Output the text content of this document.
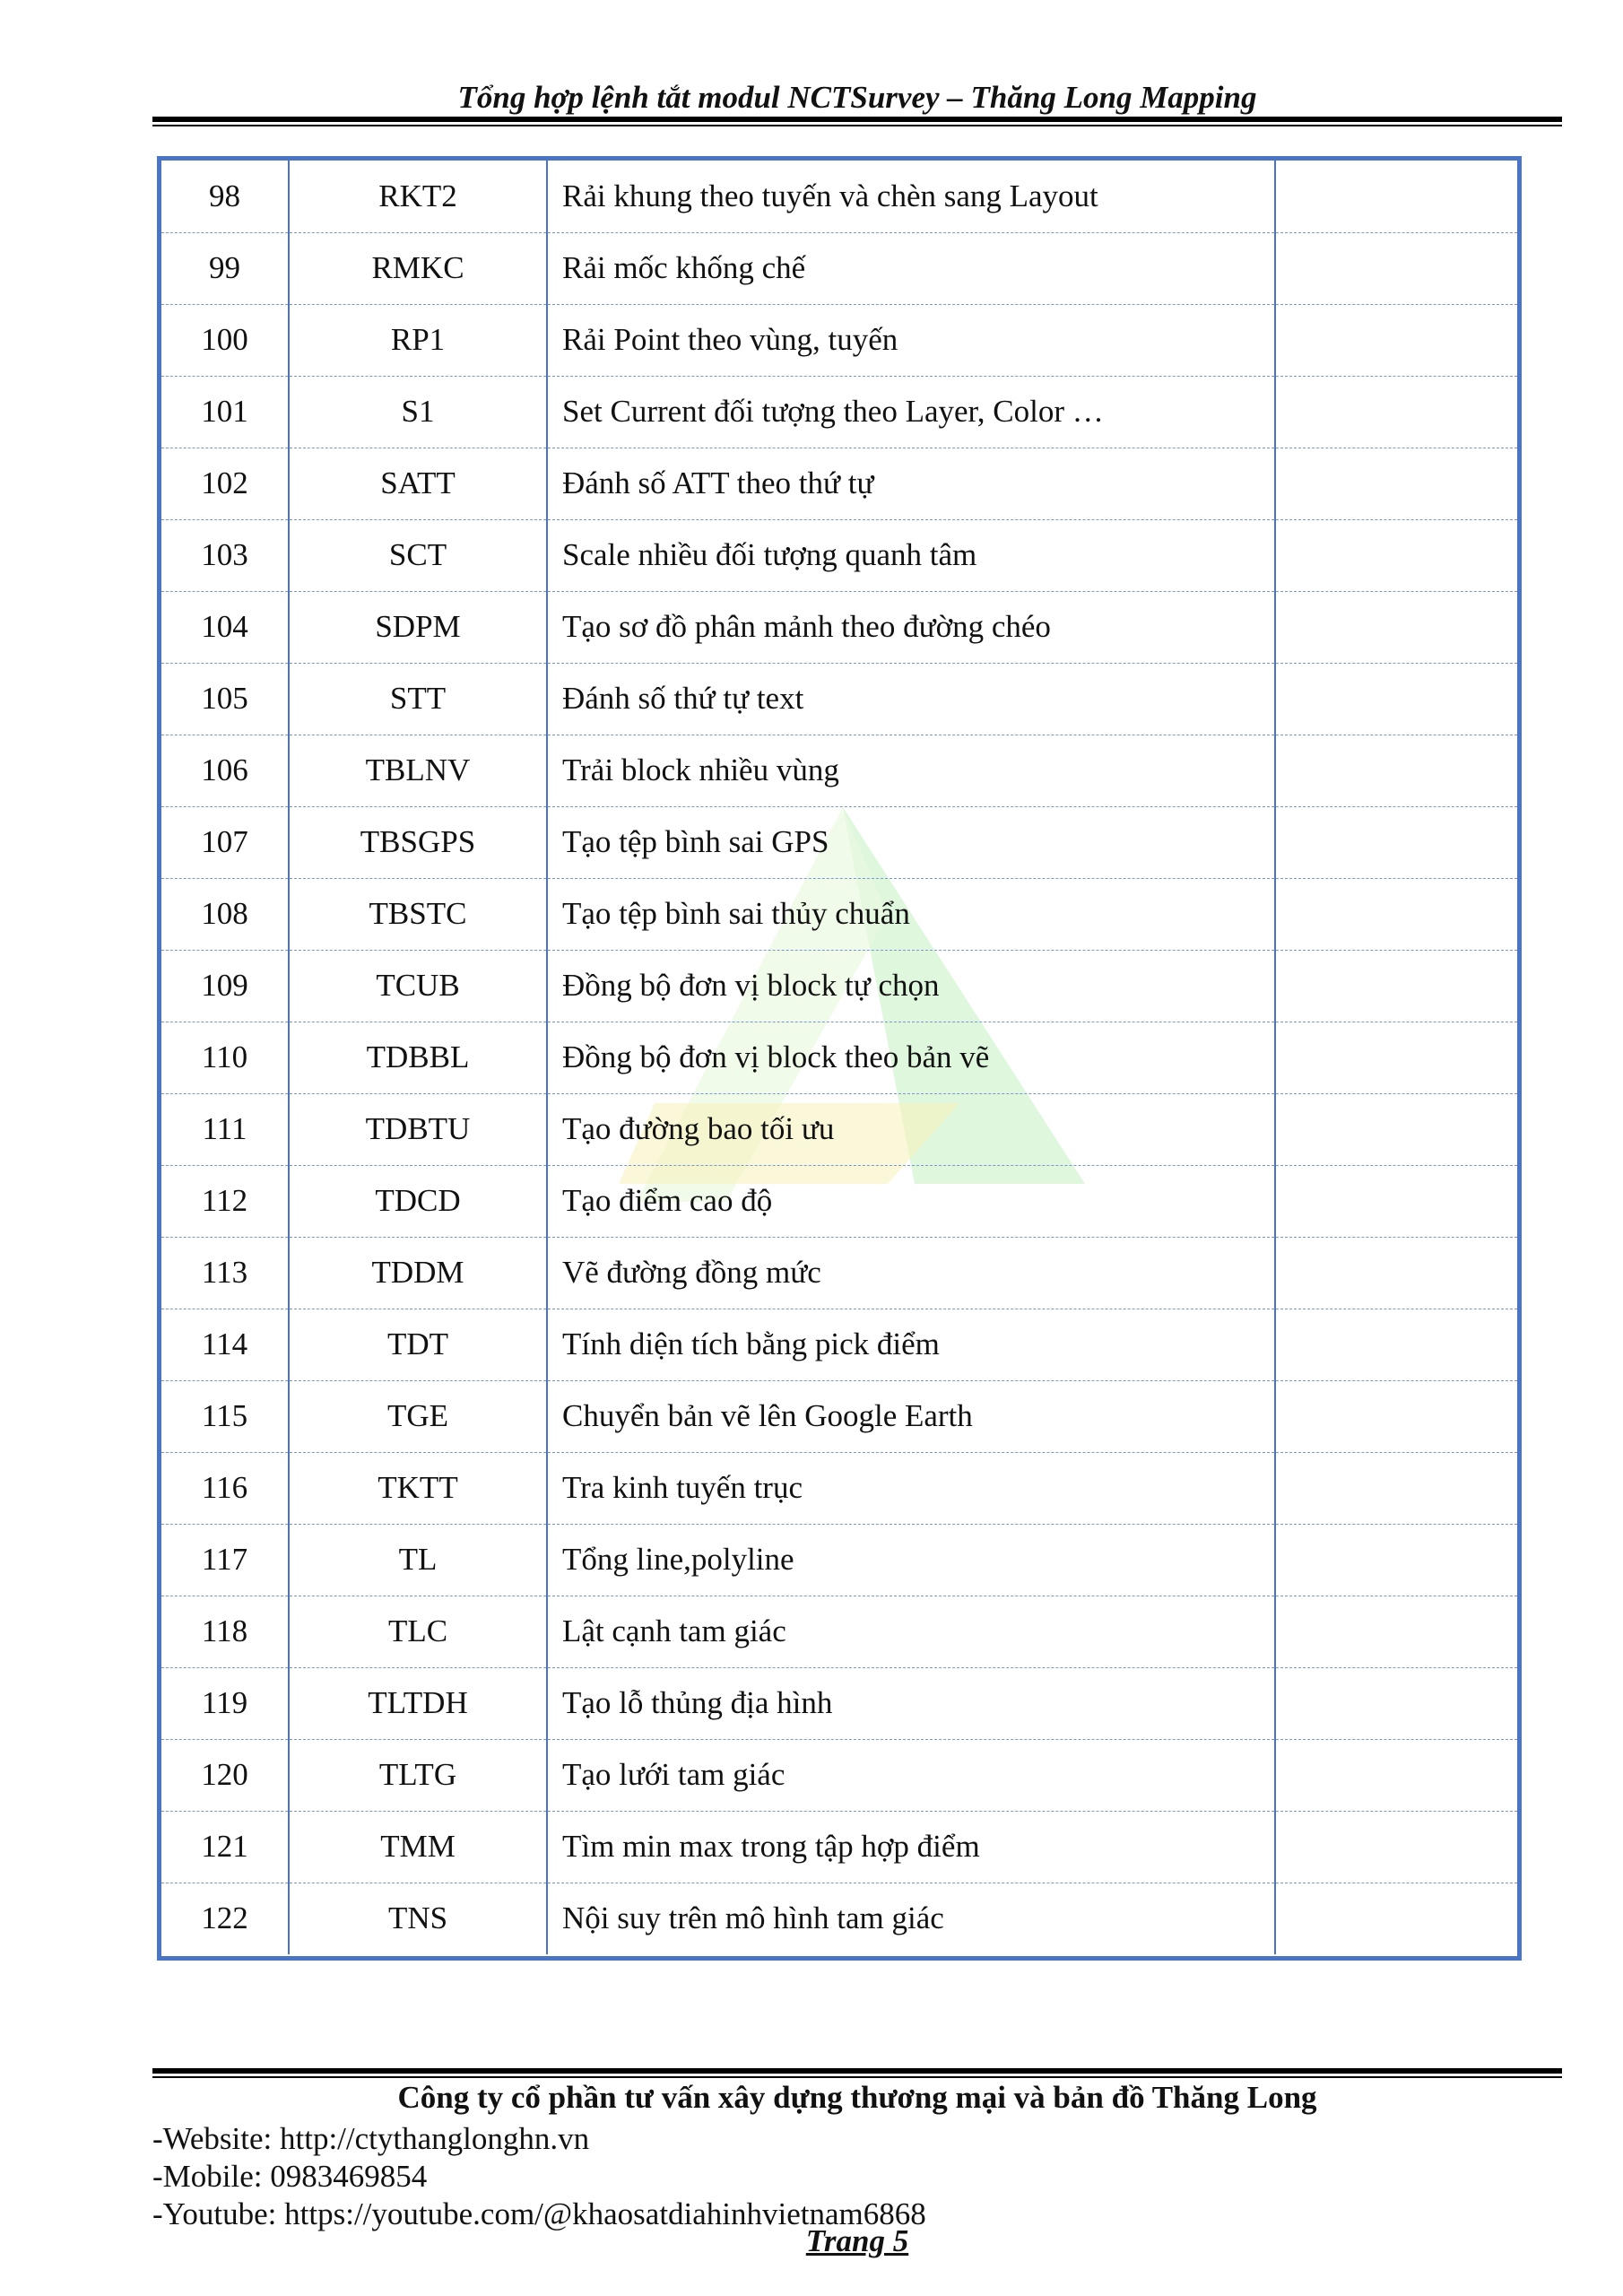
Tổng hợp lệnh tắt modul NCTSurvey – Thăng Long Mapping
98	RKT2	Rải khung theo tuyến và chèn sang Layout	
99	RMKC	Rải mốc khống chế	
100	RP1	Rải Point theo vùng, tuyến	
101	S1	Set Current đối tượng theo Layer, Color …	
102	SATT	Đánh số ATT theo thứ tự	
103	SCT	Scale nhiều đối tượng quanh tâm	
104	SDPM	Tạo sơ đồ phân mảnh theo đường chéo	
105	STT	Đánh số thứ tự text	
106	TBLNV	Trải block nhiều vùng	
107	TBSGPS	Tạo tệp bình sai GPS	
108	TBSTC	Tạo tệp bình sai thủy chuẩn	
109	TCUB	Đồng bộ đơn vị block tự chọn	
110	TDBBL	Đồng bộ đơn vị block theo bản vẽ	
111	TDBTU	Tạo đường bao tối ưu	
112	TDCD	Tạo điểm cao độ	
113	TDDM	Vẽ đường đồng mức	
114	TDT	Tính diện tích bằng pick điểm	
115	TGE	Chuyển bản vẽ lên Google Earth	
116	TKTT	Tra kinh tuyến trục	
117	TL	Tổng line,polyline	
118	TLC	Lật cạnh tam giác	
119	TLTDH	Tạo lỗ thủng địa hình	
120	TLTG	Tạo lưới tam giác	
121	TMM	Tìm min max trong tập hợp điểm	
122	TNS	Nội suy trên mô hình tam giác	
Công ty cổ phần tư vấn xây dựng thương mại và bản đồ Thăng Long
-Website: http://ctythanglonghn.vn
-Mobile: 0983469854
-Youtube: https://youtube.com/@khaosatdiahinhvietnam6868
Trang 5
